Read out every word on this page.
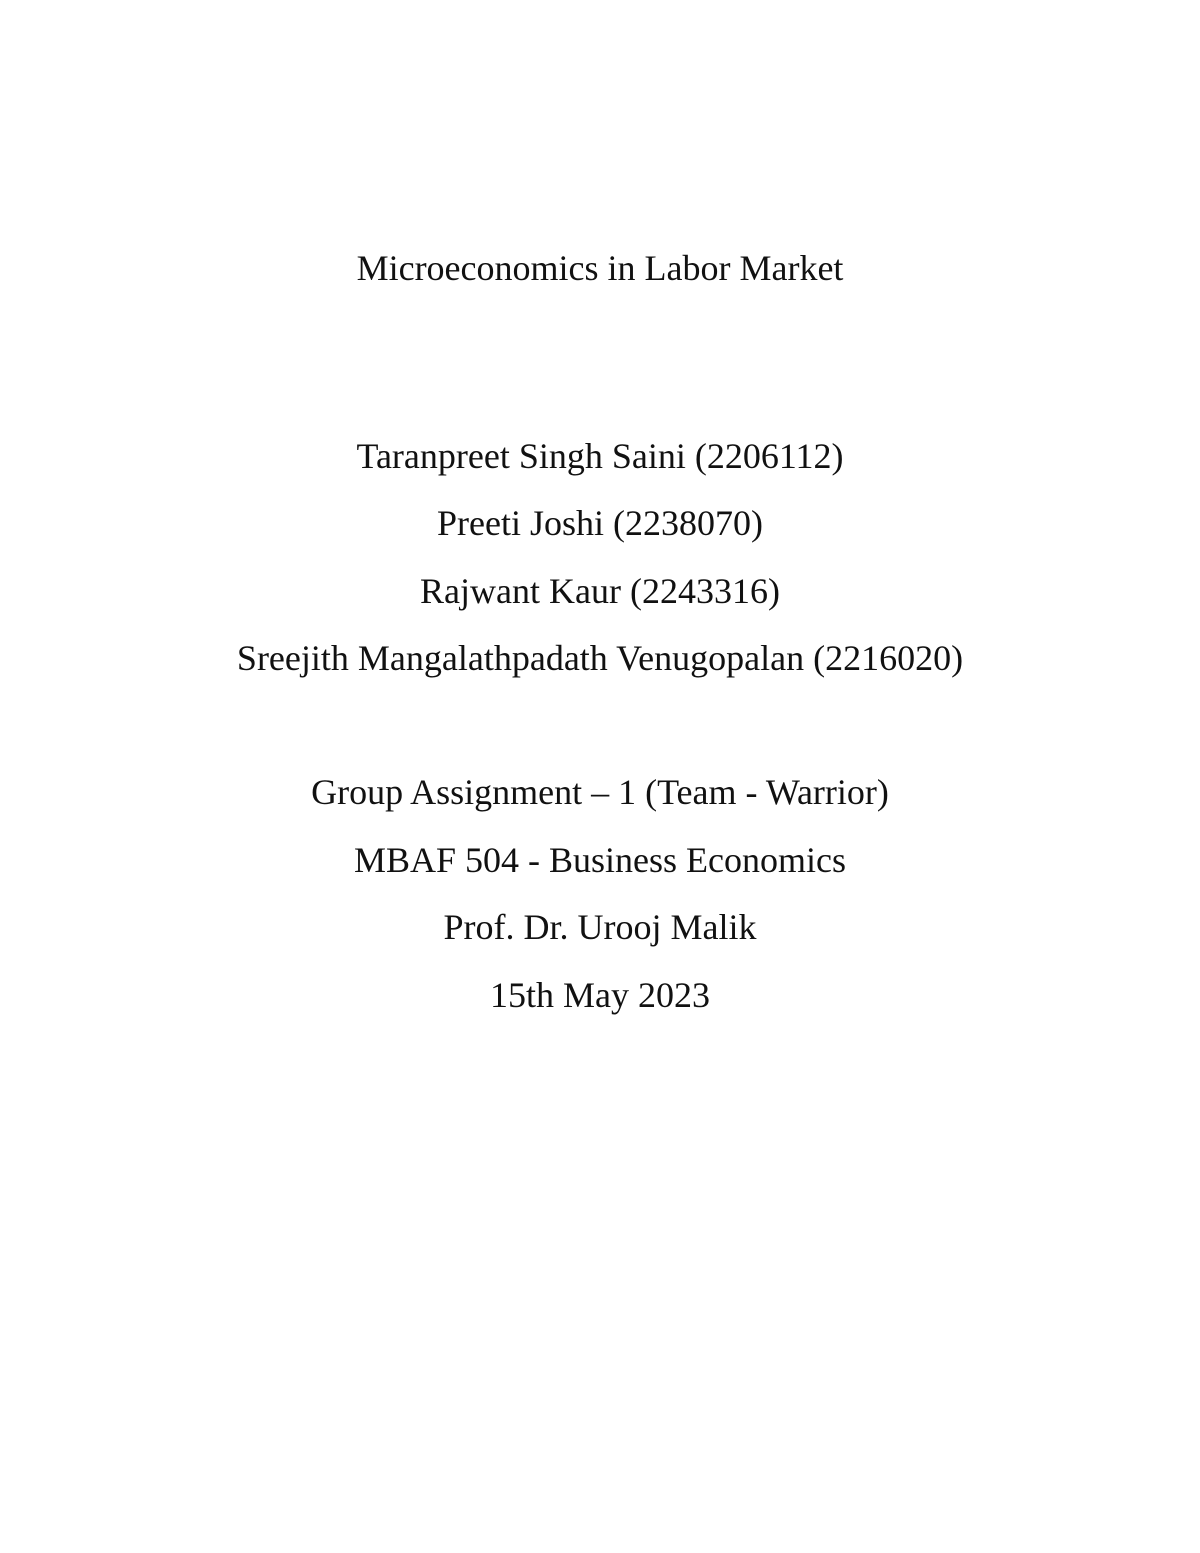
Microeconomics in Labor Market
Taranpreet Singh Saini (2206112)
Preeti Joshi (2238070)
Rajwant Kaur (2243316)
Sreejith Mangalathpadath Venugopalan (2216020)
Group Assignment – 1 (Team - Warrior)
MBAF 504 - Business Economics
Prof. Dr. Urooj Malik
15th May 2023
